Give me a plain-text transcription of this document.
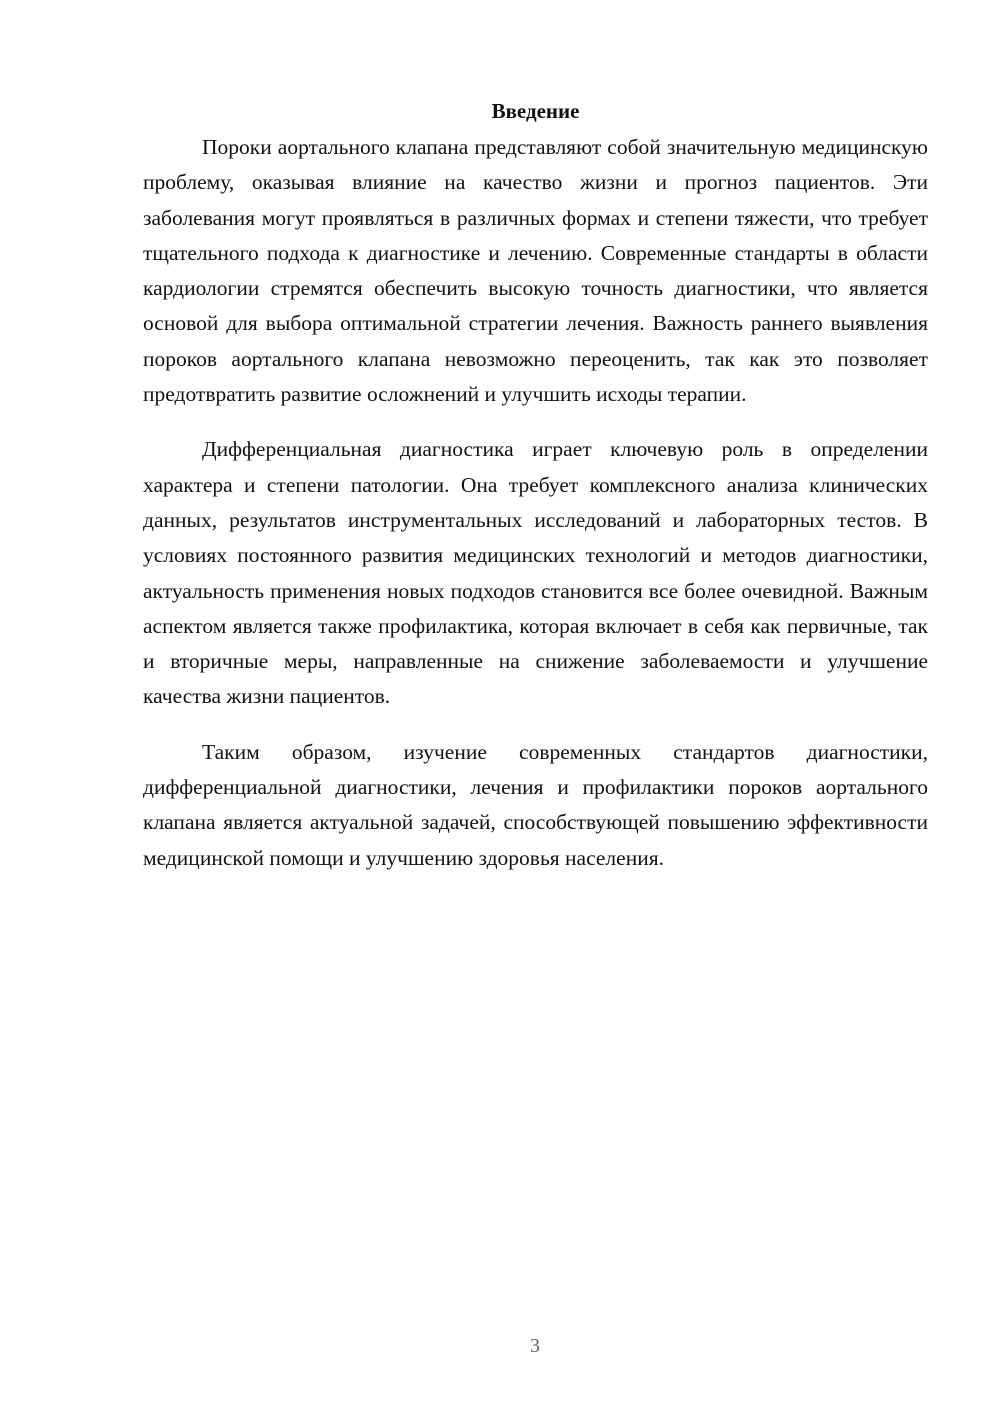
Введение

Пороки аортального клапана представляют собой значительную медицинскую проблему, оказывая влияние на качество жизни и прогноз пациентов. Эти заболевания могут проявляться в различных формах и степени тяжести, что требует тщательного подхода к диагностике и лечению. Современные стандарты в области кардиологии стремятся обеспечить высокую точность диагностики, что является основой для выбора оптимальной стратегии лечения. Важность раннего выявления пороков аортального клапана невозможно переоценить, так как это позволяет предотвратить развитие осложнений и улучшить исходы терапии.

Дифференциальная диагностика играет ключевую роль в определении характера и степени патологии. Она требует комплексного анализа клинических данных, результатов инструментальных исследований и лабораторных тестов. В условиях постоянного развития медицинских технологий и методов диагностики, актуальность применения новых подходов становится все более очевидной. Важным аспектом является также профилактика, которая включает в себя как первичные, так и вторичные меры, направленные на снижение заболеваемости и улучшение качества жизни пациентов.

Таким образом, изучение современных стандартов диагностики, дифференциальной диагностики, лечения и профилактики пороков аортального клапана является актуальной задачей, способствующей повышению эффективности медицинской помощи и улучшению здоровья населения.

3
